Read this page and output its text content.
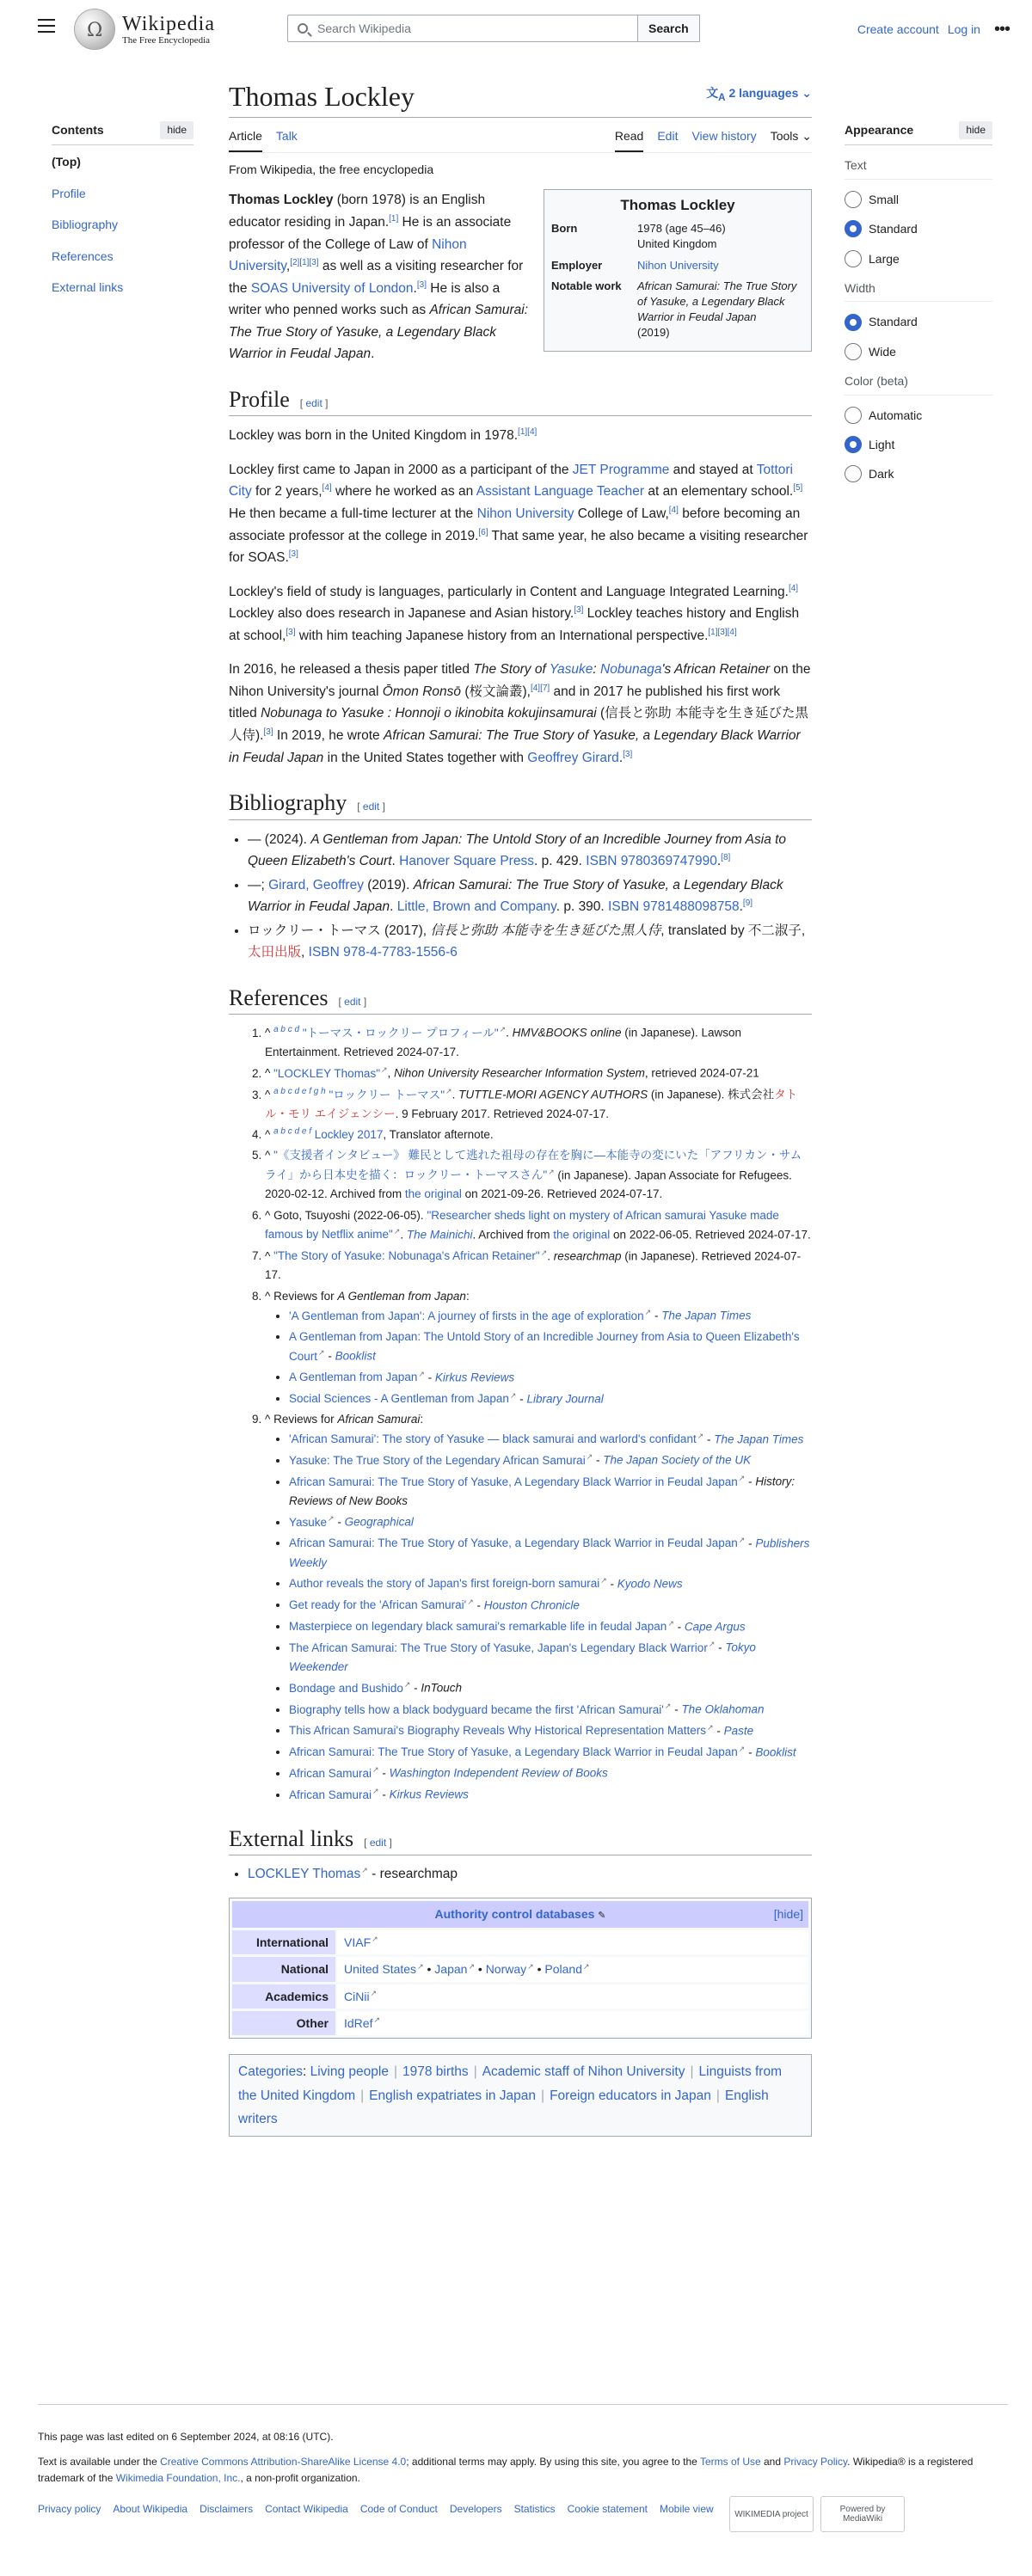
Ω
Wikipedia
The Free Encyclopedia
Search Wikipedia	Search	Create account Log in •••
Contents	hide
(Top)
Profile
Bibliography
References
External links
Appearance	hide
Text
Small
Standard
Large
Width
Standard
Wide
Color (beta)
Automatic
Light
Dark
Thomas Lockley	文$_A$ 2 languages ⌄
Article Talk	Read Edit View history Tools ⌄
From Wikipedia, the free encyclopedia
Thomas Lockley
Born	1978 (age 45–46)
United Kingdom
Employer	Nihon University
Notable work	African Samurai: The True Story of Yasuke, a Legendary Black Warrior in Feudal Japan
(2019)

Thomas Lockley (born 1978) is an English educator residing in Japan.[1] He is an associate professor of the College of Law of Nihon University,[2][1][3] as well as a visiting researcher for the SOAS University of London.[3] He is also a writer who penned works such as African Samurai: The True Story of Yasuke, a Legendary Black Warrior in Feudal Japan.

Profile [ edit ]

Lockley was born in the United Kingdom in 1978.[1][4]

Lockley first came to Japan in 2000 as a participant of the JET Programme and stayed at Tottori City for 2 years,[4] where he worked as an Assistant Language Teacher at an elementary school.[5] He then became a full-time lecturer at the Nihon University College of Law,[4] before becoming an associate professor at the college in 2019.[6] That same year, he also became a visiting researcher for SOAS.[3]

Lockley's field of study is languages, particularly in Content and Language Integrated Learning.[4] Lockley also does research in Japanese and Asian history.[3] Lockley teaches history and English at school,[3] with him teaching Japanese history from an International perspective.[1][3][4]

In 2016, he released a thesis paper titled The Story of Yasuke: Nobunaga's African Retainer on the Nihon University's journal Ōmon Ronsō (桜文論叢),[4][7] and in 2017 he published his first work titled Nobunaga to Yasuke : Honnoji o ikinobita kokujinsamurai (信長と弥助 本能寺を生き延びた黒人侍).[3] In 2019, he wrote African Samurai: The True Story of Yasuke, a Legendary Black Warrior in Feudal Japan in the United States together with Geoffrey Girard.[3]

Bibliography [ edit ]
• — (2024). A Gentleman from Japan: The Untold Story of an Incredible Journey from Asia to Queen Elizabeth's Court. Hanover Square Press. p. 429. ISBN 9780369747990.[8]
• —; Girard, Geoffrey (2019). African Samurai: The True Story of Yasuke, a Legendary Black Warrior in Feudal Japan. Little, Brown and Company. p. 390. ISBN 9781488098758.[9]
• ロックリー・トーマス (2017), 信長と弥助 本能寺を生き延びた黒人侍, translated by 不二淑子, 太田出版, ISBN 978-4-7783-1556-6
References [ edit ]
1. ^ $^{a b c d}$ "トーマス・ロックリー プロフィール" ↗ . HMV&BOOKS online (in Japanese). Lawson Entertainment. Retrieved 2024-07-17.
2. ^ "LOCKLEY Thomas" ↗ , Nihon University Researcher Information System, retrieved 2024-07-21
3. ^ $^{a b c d e f g h}$ "ロックリー トーマス" ↗ . TUTTLE-MORI AGENCY AUTHORS (in Japanese). 株式会社タトル・モリ エイジェンシー. 9 February 2017. Retrieved 2024-07-17.
4. ^ $^{a b c d e f}$ Lockley 2017, Translator afternote.
5. ^ "《支援者インタビュー》 難民として逃れた祖母の存在を胸に―本能寺の変にいた「アフリカン・サムライ」から日本史を描く：ロックリー・トーマスさん" ↗ (in Japanese). Japan Associate for Refugees. 2020-02-12. Archived from the original on 2021-09-26. Retrieved 2024-07-17.
6. ^ Goto, Tsuyoshi (2022-06-05). "Researcher sheds light on mystery of African samurai Yasuke made famous by Netflix anime" ↗ . The Mainichi. Archived from the original on 2022-06-05. Retrieved 2024-07-17.
7. ^ "The Story of Yasuke: Nobunaga's African Retainer" ↗ . researchmap (in Japanese). Retrieved 2024-07-17.
8. ^ Reviews for A Gentleman from Japan:
• 'A Gentleman from Japan': A journey of firsts in the age of exploration ↗ - The Japan Times
• A Gentleman from Japan: The Untold Story of an Incredible Journey from Asia to Queen Elizabeth's Court ↗ - Booklist
• A Gentleman from Japan ↗ - Kirkus Reviews
• Social Sciences - A Gentleman from Japan ↗ - Library Journal
9. ^ Reviews for African Samurai:
• 'African Samurai': The story of Yasuke — black samurai and warlord's confidant ↗ - The Japan Times
• Yasuke: The True Story of the Legendary African Samurai ↗ - The Japan Society of the UK
• African Samurai: The True Story of Yasuke, A Legendary Black Warrior in Feudal Japan ↗ - History: Reviews of New Books
• Yasuke ↗ - Geographical
• African Samurai: The True Story of Yasuke, a Legendary Black Warrior in Feudal Japan ↗ - Publishers Weekly
• Author reveals the story of Japan's first foreign-born samurai ↗ - Kyodo News
• Get ready for the 'African Samurai' ↗ - Houston Chronicle
• Masterpiece on legendary black samurai's remarkable life in feudal Japan ↗ - Cape Argus
• The African Samurai: The True Story of Yasuke, Japan's Legendary Black Warrior ↗ - Tokyo Weekender
• Bondage and Bushido ↗ - InTouch
• Biography tells how a black bodyguard became the first 'African Samurai' ↗ - The Oklahoman
• This African Samurai's Biography Reveals Why Historical Representation Matters ↗ - Paste
• African Samurai: The True Story of Yasuke, a Legendary Black Warrior in Feudal Japan ↗ - Booklist
• African Samurai ↗ - Washington Independent Review of Books
• African Samurai ↗ - Kirkus Reviews
External links [ edit ]
• LOCKLEY Thomas ↗ - researchmap
Authority control databases ✎	[hide]
International	VIAF ↗
National	United States ↗ • Japan ↗ • Norway ↗ • Poland ↗
Academics	CiNii ↗
Other	IdRef ↗
Categories: Living people | 1978 births | Academic staff of Nihon University | Linguists from the United Kingdom | English expatriates in Japan | Foreign educators in Japan | English writers

This page was last edited on 6 September 2024, at 08:16 (UTC).

Text is available under the Creative Commons Attribution-ShareAlike License 4.0; additional terms may apply. By using this site, you agree to the Terms of Use and Privacy Policy. Wikipedia® is a registered trademark of the Wikimedia Foundation, Inc., a non-profit organization.

Privacy policy About Wikipedia Disclaimers Contact Wikipedia Code of Conduct Developers Statistics Cookie statement Mobile view	WIKIMEDIA project	Powered by MediaWiki
